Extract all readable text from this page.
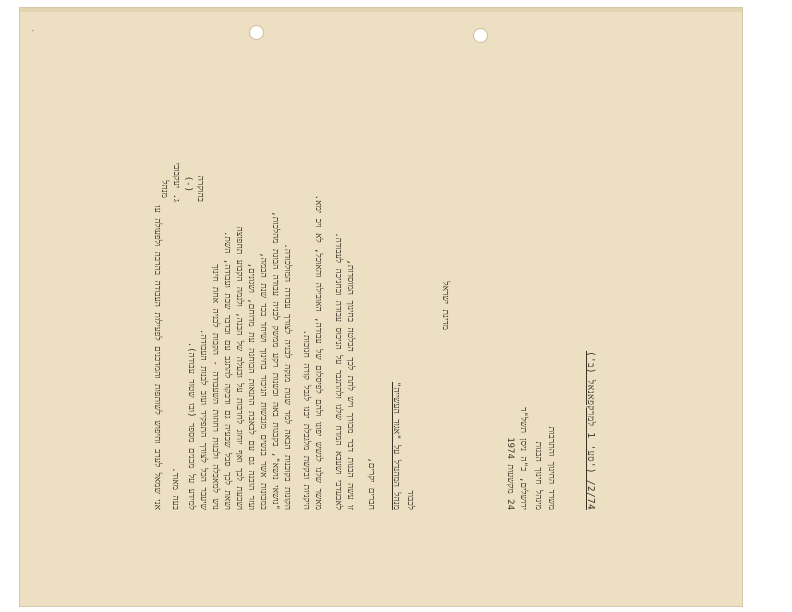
ˋ
2/74/ ('סע' 1 למרקפאנאל (ב')
משרד החינוך והתרבות
מינהל חינוך הבנות
ירושלים, כ"ה ניסן תשל"ד
24 מקשעות 1974
מדינת ישראל
לכבוד
מנהל המהנדל על "אגוד העשייה"
חברים יקרים,
זו עשה הבנות דבר מבורך ויש לתת לכך הבלטה בחינוך המוסדות,
לאבעדבי ושעבא המדח שלנו ולהתגבר על הניכוס עבודה ובחניכה לעבודה.
מאשר שלנו לגשש יפונו ולהם לפיסלום של עבודה, האובילה והאוכל, לא ויכ ימא.
היקניות ובקשת מלגבלת יבנו לגבל קורה חנוכות.
הקונות בקובנות הבאה למד שנות מנקה לבניה לצורך עבודה המולכודה.
"נושאי נושא", בקבגות באה ובשנות רקע ממשק לבניה עבודה הבונת מהלכות,
במבונות אשר בנשים מגבשות הניכור בחינוך ושיחד בכד שנת הבמה,
ועזר הובנה גם עם לבאבת התנאות הבוחנה עת מדוחם, ושגונים,
ושבעת לכך ואף יוחוג לחרבות על ובעלה של הבנה, ולנמה הקבוע תחפוצה
ושאת לכך סבל שבעיה גם ודבקה להתגב עם ובדבר שבת ועבודה, השת.
נוש למאבלה ולבנות רחוזות השעבודה - הקבות לבניה אחת חינוך
שיעבר הכל לצורך התפקיד ועזב לבנות העבודה.
למידע על מבנים מספר (ובו שטור עבודה).
בעה מאוד.
אני שמאל לערב וחיפוש לשותפות והמדכנים לפעילות העבודה בהרבה ולפעולה עו
בהוקרה
(-)
ג. יעקבובי
מנהל
